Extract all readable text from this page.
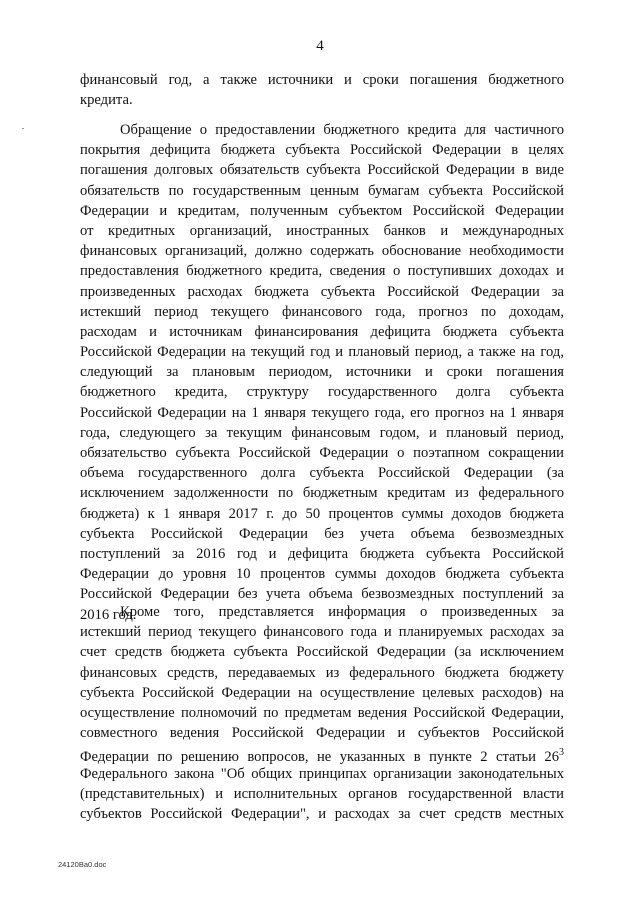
4
финансовый год, а также источники и сроки погашения бюджетного
кредита.
Обращение о предоставлении бюджетного кредита для частичного
покрытия дефицита бюджета субъекта Российской Федерации в целях
погашения долговых обязательств субъекта Российской Федерации в виде
обязательств по государственным ценным бумагам субъекта Российской
Федерации и кредитам, полученным субъектом Российской Федерации
от кредитных организаций, иностранных банков и международных
финансовых организаций, должно содержать обоснование необходимости
предоставления бюджетного кредита, сведения о поступивших доходах и
произведенных расходах бюджета субъекта Российской Федерации за
истекший период текущего финансового года, прогноз по доходам,
расходам и источникам финансирования дефицита бюджета субъекта
Российской Федерации на текущий год и плановый период, а также на год,
следующий за плановым периодом, источники и сроки погашения
бюджетного кредита, структуру государственного долга субъекта
Российской Федерации на 1 января текущего года, его прогноз на 1 января
года, следующего за текущим финансовым годом, и плановый период,
обязательство субъекта Российской Федерации о поэтапном сокращении
объема государственного долга субъекта Российской Федерации (за
исключением задолженности по бюджетным кредитам из федерального
бюджета) к 1 января 2017 г. до 50 процентов суммы доходов бюджета
субъекта Российской Федерации без учета объема безвозмездных
поступлений за 2016 год и дефицита бюджета субъекта Российской
Федерации до уровня 10 процентов суммы доходов бюджета субъекта
Российской Федерации без учета объема безвозмездных поступлений за
2016 год.
Кроме того, представляется информация о произведенных за
истекший период текущего финансового года и планируемых расходах за
счет средств бюджета субъекта Российской Федерации (за исключением
финансовых средств, передаваемых из федерального бюджета бюджету
субъекта Российской Федерации на осуществление целевых расходов) на
осуществление полномочий по предметам ведения Российской Федерации,
совместного ведения Российской Федерации и субъектов Российской
Федерации по решению вопросов, не указанных в пункте 2 статьи $26^3$
Федерального закона "Об общих принципах организации законодательных
(представительных) и исполнительных органов государственной власти
субъектов Российской Федерации", и расходах за счет средств местных
24120Ba0.doc
